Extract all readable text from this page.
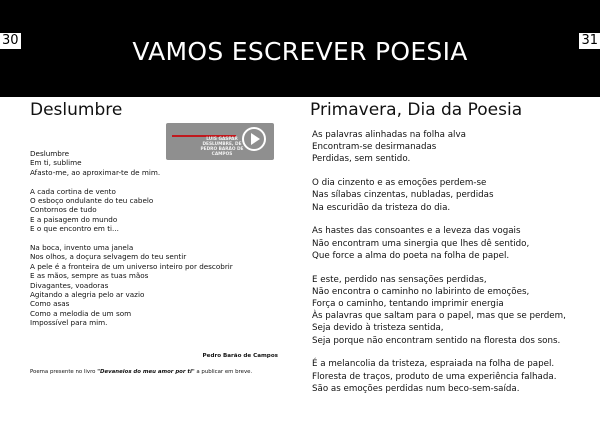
30	VAMOS ESCREVER POESIA	31
Deslumbre
LUIS GASPAR DESLUMBRE, DE PEDRO BARÃO DE CAMPOS
Deslumbre
Em ti, sublime
Afasto-me, ao aproximar-te de mim.
A cada cortina de vento
O esboço ondulante do teu cabelo
Contornos de tudo
E a paisagem do mundo
E o que encontro em ti...
Na boca, invento uma janela
Nos olhos, a doçura selvagem do teu sentir
A pele é a fronteira de um universo inteiro por descobrir
E as mãos, sempre as tuas mãos
Divagantes, voadoras
Agitando a alegria pelo ar vazio
Como asas
Como a melodia de um som
Impossível para mim.
Pedro Barão de Campos
Poema presente no livro "Devaneios do meu amor por ti" a publicar em breve.
Primavera, Dia da Poesia
As palavras alinhadas na folha alva
Encontram-se desirmanadas
Perdidas, sem sentido.
O dia cinzento e as emoções perdem-se
Nas sílabas cinzentas, nubladas, perdidas
Na escuridão da tristeza do dia.
As hastes das consoantes e a leveza das vogais
Não encontram uma sinergia que lhes dê sentido,
Que force a alma do poeta na folha de papel.
E este, perdido nas sensações perdidas,
Não encontra o caminho no labirinto de emoções,
Força o caminho, tentando imprimir energia
Às palavras que saltam para o papel, mas que se perdem,
Seja devido à tristeza sentida,
Seja porque não encontram sentido na floresta dos sons.
É a melancolia da tristeza, espraiada na folha de papel.
Floresta de traços, produto de uma experiência falhada.
São as emoções perdidas num beco-sem-saída.
